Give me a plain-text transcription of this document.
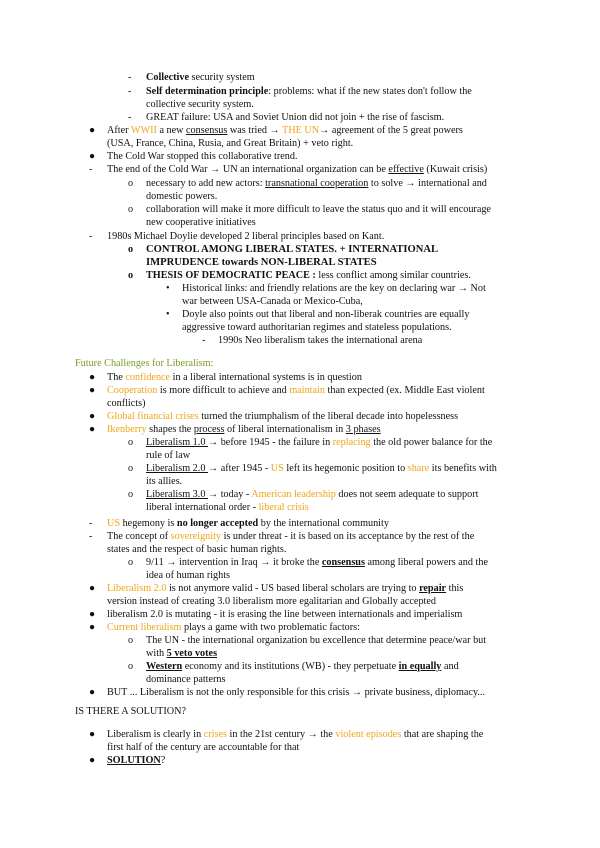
- Collective security system
- Self determination principle: problems: what if the new states don't follow the
collective security system.
- GREAT failure: USA and Soviet Union did not join + the rise of fascism.
● After WWII a new consensus was tried → THE UN→ agreement of the 5 great powers
(USA, France, China, Rusia, and Great Britain) + veto right.
● The Cold War stopped this collaborative trend.
- The end of the Cold War → UN an international organization can be effective (Kuwait crisis)
o necessary to add new actors: transnational cooperation to solve → international and
domestic powers.
o collaboration will make it more difficult to leave the status quo and it will encourage
new cooperative initiatives
- 1980s Michael Doylie developed 2 liberal principles based on Kant.
o CONTROL AMONG LIBERAL STATES. + INTERNATIONAL
IMPRUDENCE towards NON-LIBERAL STATES
o THESIS OF DEMOCRATIC PEACE : less conflict among similar countries.
• Historical links: and friendly relations are the key on declaring war → Not
war between USA-Canada or Mexico-Cuba,
• Doyle also points out that liberal and non-liberak countries are equally
aggressive toward authoritarian regimes and stateless populations.
- 1990s Neo liberalism takes the international arena
Future Challenges for Liberalism:
● The confidence in a liberal international systems is in question
● Cooperation is more difficult to achieve and maintain than expected (ex. Middle East violent
conflicts)
● Global financial crises turned the triumphalism of the liberal decade into hopelessness
● Ikenberry shapes the process of liberal internationalism in 3 phases
o Liberalism 1.0 → before 1945 - the failure in replacing the old power balance for the
rule of law
o Liberalism 2.0 → after 1945 - US left its hegemonic position to share its benefits with
its allies.
o Liberalism 3.0 → today - American leadership does not seem adequate to support
liberal international order - liberal crisis
- US hegemony is no longer accepted by the international community
- The concept of sovereignity is under threat - it is based on its acceptance by the rest of the
states and the respect of basic human rights.
o 9/11 → intervention in Iraq → it broke the consensus among liberal powers and the
idea of human rights
● Liberalism 2.0 is not anymore valid - US based liberal scholars are trying to repair this
version instead of creating 3.0 liberalism more egalitarian and Globally accepted
● liberalism 2.0 is mutating - it is erasing the line between internationals and imperialism
● Current liberalism plays a game with two problematic factors:
o The UN - the international organization bu excellence that determine peace/war but
with 5 veto votes
o Western economy and its institutions (WB) - they perpetuate in equally and
dominance patterns
● BUT ... Liberalism is not the only responsible for this crisis → private business, diplomacy...
IS THERE A SOLUTION?
● Liberalism is clearly in crises in the 21st century → the violent episodes that are shaping the
first half of the century are accountable for that
● SOLUTION?
